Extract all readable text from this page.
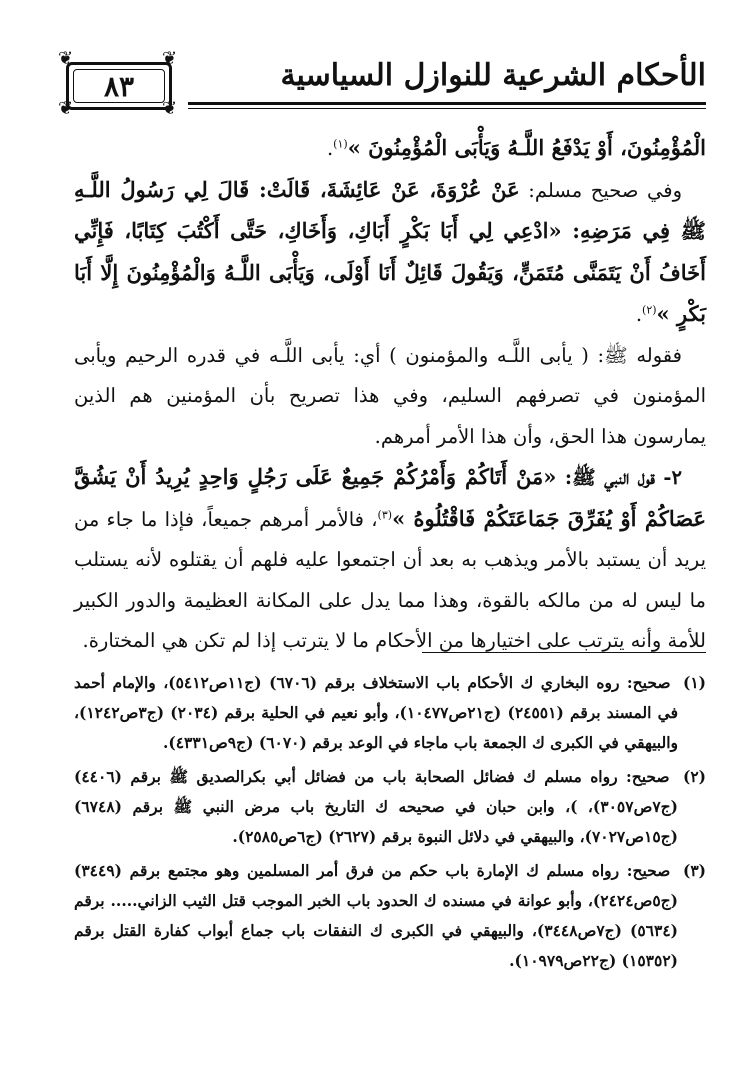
٨٣
❦	❦
❦	❦
الأحكام الشرعية للنوازل السياسية

الْمُؤْمِنُونَ، أَوْ يَدْفَعُ اللَّـهُ وَيَأْبَى الْمُؤْمِنُونَ »$^{(١)}$.

وفي صحيح مسلم: عَنْ عُرْوَةَ، عَنْ عَائِشَةَ، قَالَتْ: قَالَ لِي رَسُولُ اللَّـهِ ﷺ فِي مَرَضِهِ: «ادْعِي لِي أَبَا بَكْرٍ أَبَاكِ، وَأَخَاكِ، حَتَّى أَكْتُبَ كِتَابًا، فَإِنِّي أَخَافُ أَنْ يَتَمَنَّى مُتَمَنٍّ، وَيَقُولَ قَائِلٌ أَنَا أَوْلَى، وَيَأْبَى اللَّـهُ وَالْمُؤْمِنُونَ إِلَّا أَبَا بَكْرٍ »$^{(٢)}$.

فقوله ﷺ: ( يأبى اللَّـه والمؤمنون ) أي: يأبى اللَّـه في قدره الرحيم ويأبى المؤمنون في تصرفهم السليم، وفي هذا تصريح بأن المؤمنين هم الذين يمارسون هذا الحق، وأن هذا الأمر أمرهم.

٢- قول النبي ﷺ: «مَنْ أَتَاكُمْ وَأَمْرُكُمْ جَمِيعٌ عَلَى رَجُلٍ وَاحِدٍ يُرِيدُ أَنْ يَشُقَّ عَصَاكُمْ أَوْ يُفَرِّقَ جَمَاعَتَكُمْ فَاقْتُلُوهُ »$^{(٣)}$، فالأمر أمرهم جميعاً، فإذا ما جاء من يريد أن يستبد بالأمر ويذهب به بعد أن اجتمعوا عليه فلهم أن يقتلوه لأنه يستلب ما ليس له من مالكه بالقوة، وهذا مما يدل على المكانة العظيمة والدور الكبير للأمة وأنه يترتب على اختيارها من الأحكام ما لا يترتب إذا لم تكن هي المختارة.

(١) صحيح: روه البخاري ك الأحكام باب الاستخلاف برقم (٦٧٠٦) (ج١١ص٥٤١٢)، والإمام أحمد في المسند برقم (٢٤٥٥١) (ج٢١ص١٠٤٧٧)، وأبو نعيم في الحلية برقم (٢٠٣٤) (ج٣ص١٢٤٢)، والبيهقي في الكبرى ك الجمعة باب ماجاء في الوعد برقم (٦٠٧٠) (ج٩ص٤٣٣١).

(٢) صحيح: رواه مسلم ك فضائل الصحابة باب من فضائل أبي بكرالصديق ﷺ برقم (٤٤٠٦) (ج٧ص٣٠٥٧)، )، وابن حبان في صحيحه ك التاريخ باب مرض النبي ﷺ برقم (٦٧٤٨) (ج١٥ص٧٠٢٧)، والبيهقي في دلائل النبوة برقم (٢٦٢٧) (ج٦ص٢٥٨٥).

(٣) صحيح: رواه مسلم ك الإمارة باب حكم من فرق أمر المسلمين وهو مجتمع برقم (٣٤٤٩) (ج٥ص٢٤٢٤)، وأبو عوانة في مسنده ك الحدود باب الخبر الموجب قتل الثيب الزاني..... برقم (٥٦٣٤) (ج٧ص٣٤٤٨)، والبيهقي في الكبرى ك النفقات باب جماع أبواب كفارة القتل برقم (١٥٣٥٢) (ج٢٢ص١٠٩٧٩).
